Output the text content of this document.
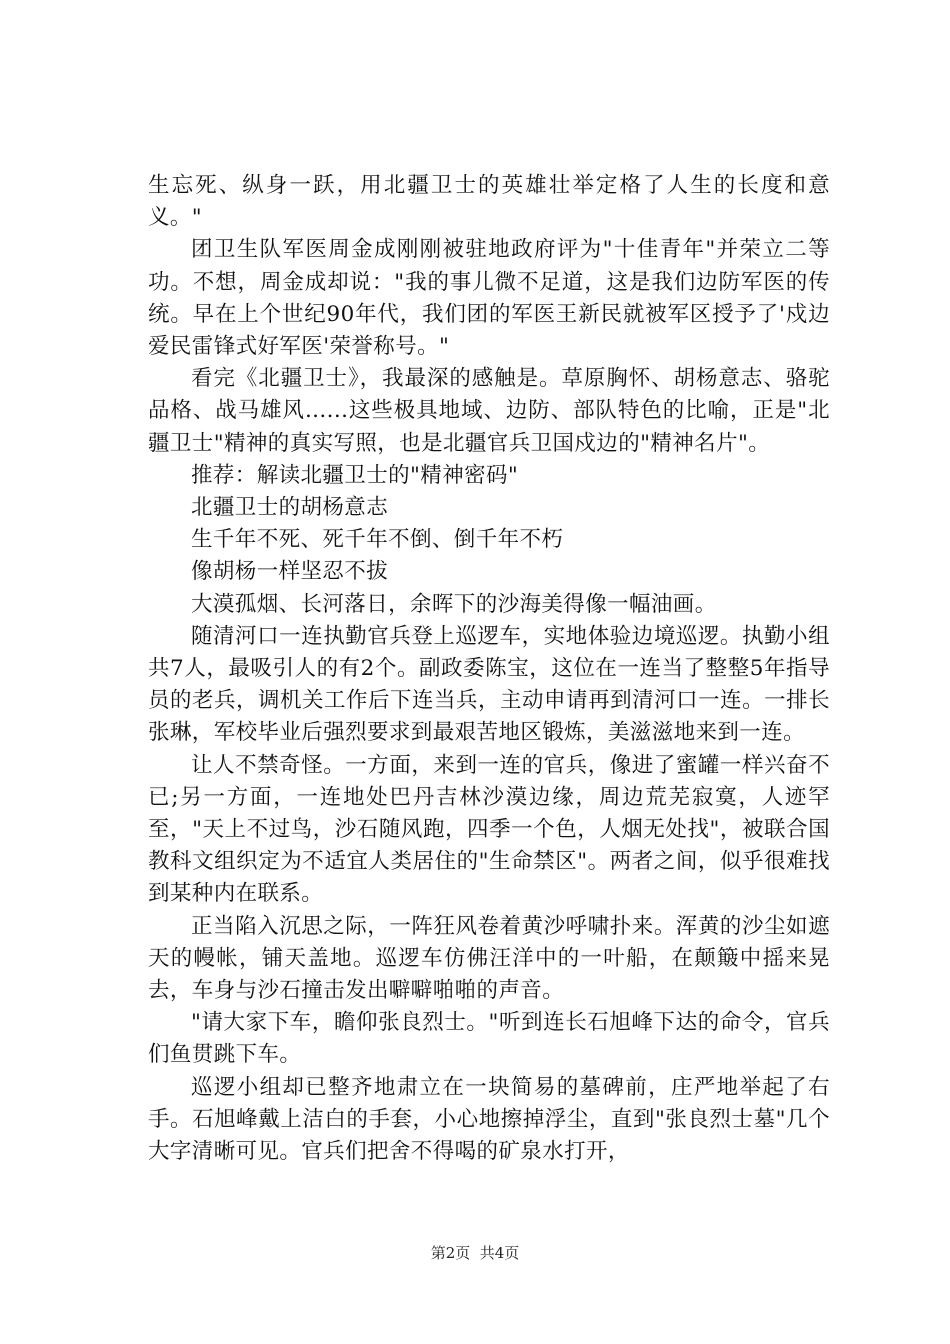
生忘死、纵身一跃，用北疆卫士的英雄壮举定格了人生的长度和意义。"

团卫生队军医周金成刚刚被驻地政府评为"十佳青年"并荣立二等功。不想，周金成却说："我的事儿微不足道，这是我们边防军医的传统。早在上个世纪90年代，我们团的军医王新民就被军区授予了'戍边爱民雷锋式好军医'荣誉称号。"

看完《北疆卫士》，我最深的感触是。草原胸怀、胡杨意志、骆驼品格、战马雄风......这些极具地域、边防、部队特色的比喻，正是"北疆卫士"精神的真实写照，也是北疆官兵卫国戍边的"精神名片"。

推荐：解读北疆卫士的"精神密码"

北疆卫士的胡杨意志

生千年不死、死千年不倒、倒千年不朽

像胡杨一样坚忍不拔

大漠孤烟、长河落日，余晖下的沙海美得像一幅油画。

随清河口一连执勤官兵登上巡逻车，实地体验边境巡逻。执勤小组共7人，最吸引人的有2个。副政委陈宝，这位在一连当了整整5年指导员的老兵，调机关工作后下连当兵，主动申请再到清河口一连。一排长张琳，军校毕业后强烈要求到最艰苦地区锻炼，美滋滋地来到一连。

让人不禁奇怪。一方面，来到一连的官兵，像进了蜜罐一样兴奋不已;另一方面，一连地处巴丹吉林沙漠边缘，周边荒芜寂寞，人迹罕至，"天上不过鸟，沙石随风跑，四季一个色，人烟无处找"，被联合国教科文组织定为不适宜人类居住的"生命禁区"。两者之间，似乎很难找到某种内在联系。

正当陷入沉思之际，一阵狂风卷着黄沙呼啸扑来。浑黄的沙尘如遮天的幔帐，铺天盖地。巡逻车仿佛汪洋中的一叶船，在颠簸中摇来晃去，车身与沙石撞击发出噼噼啪啪的声音。

"请大家下车，瞻仰张良烈士。"听到连长石旭峰下达的命令，官兵们鱼贯跳下车。

巡逻小组却已整齐地肃立在一块简易的墓碑前，庄严地举起了右手。石旭峰戴上洁白的手套，小心地擦掉浮尘，直到"张良烈士墓"几个大字清晰可见。官兵们把舍不得喝的矿泉水打开，

第2页  共4页
